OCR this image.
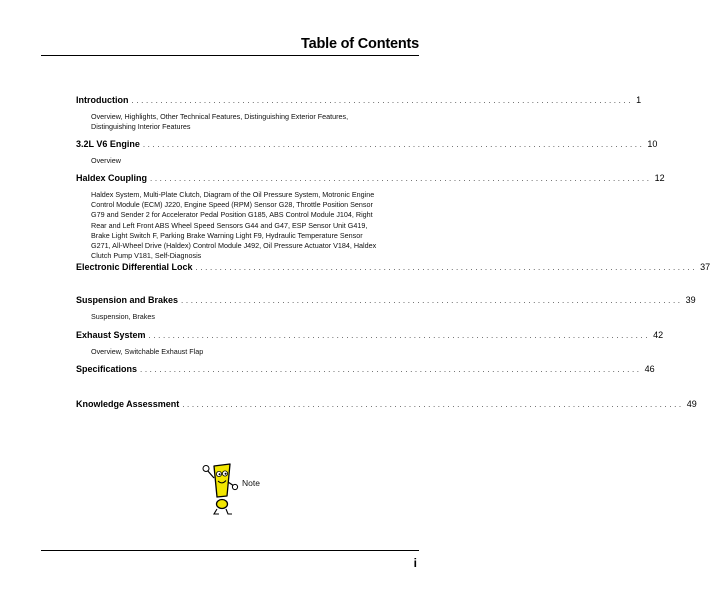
Table of Contents
Introduction ........................................................................................................ 1
Overview, Highlights, Other Technical Features, Distinguishing Exterior Features, Distinguishing Interior Features
3.2L V6 Engine ........................................................................................................ 10
Overview
Haldex Coupling ........................................................................................................ 12
Haldex System, Multi-Plate Clutch, Diagram of the Oil Pressure System, Motronic Engine Control Module (ECM) J220, Engine Speed (RPM) Sensor G28, Throttle Position Sensor G79 and Sender 2 for Accelerator Pedal Position G185, ABS Control Module J104, Right Rear and Left Front ABS Wheel Speed Sensors G44 and G47, ESP Sensor Unit G419, Brake Light Switch F, Parking Brake Warning Light F9, Hydraulic Temperature Sensor G271, All-Wheel Drive (Haldex) Control Module J492, Oil Pressure Actuator V184, Haldex Clutch Pump V181, Self-Diagnosis
Electronic Differential Lock ........................................................................................................ 37
Suspension and Brakes ........................................................................................................ 39
Suspension, Brakes
Exhaust System ........................................................................................................ 42
Overview, Switchable Exhaust Flap
Specifications ........................................................................................................ 46
Knowledge Assessment ........................................................................................................ 49
Note
i
